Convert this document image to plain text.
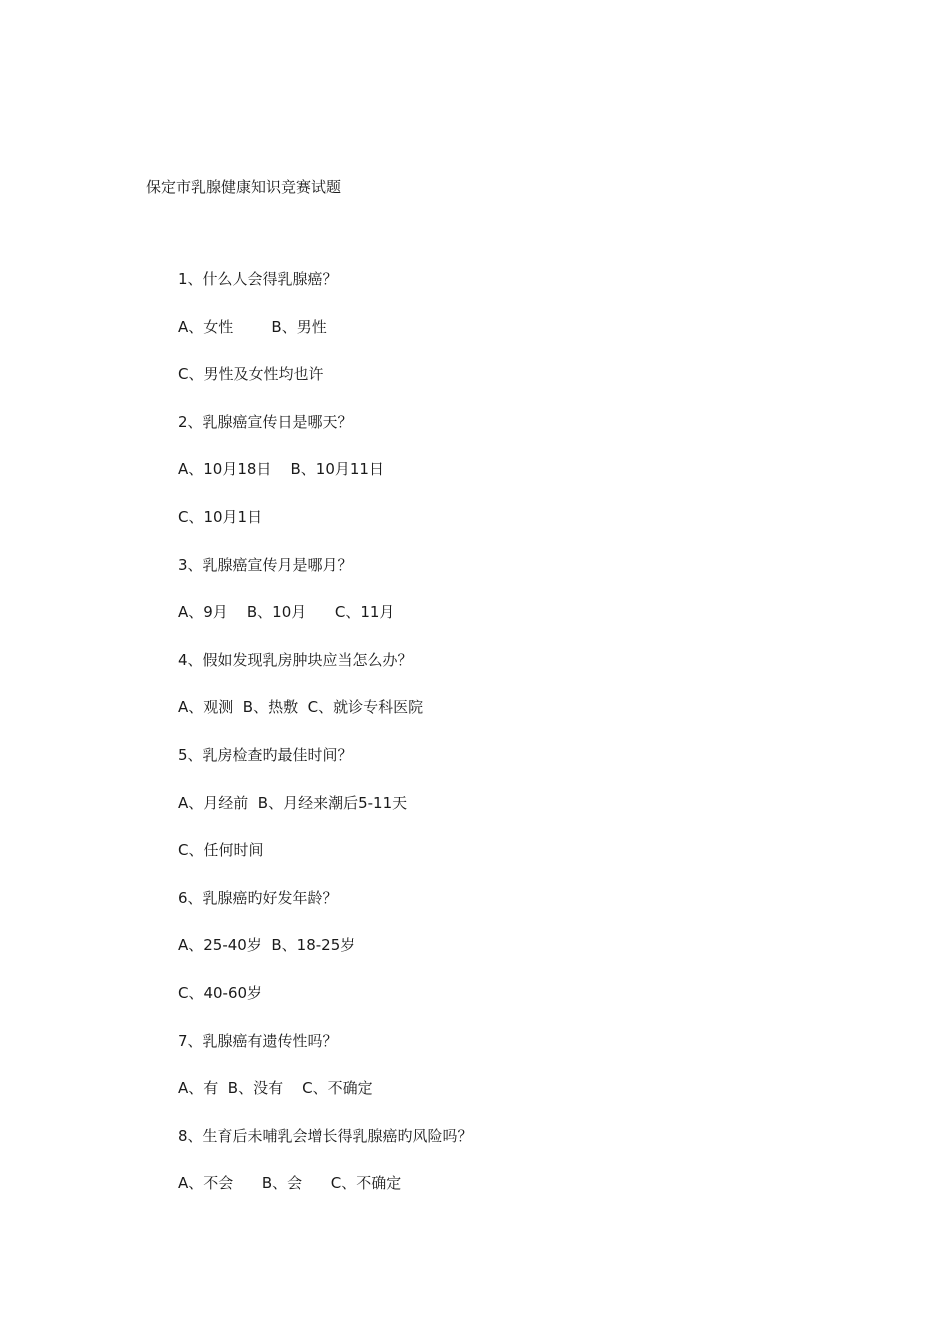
保定市乳腺健康知识竞赛试题
1、什么人会得乳腺癌？
A、女性        B、男性
C、男性及女性均也许
2、乳腺癌宣传日是哪天？
A、10月18日    B、10月11日
C、10月1日
3、乳腺癌宣传月是哪月？
A、9月    B、10月      C、11月
4、假如发现乳房肿块应当怎么办？
A、观测  B、热敷  C、就诊专科医院
5、乳房检查旳最佳时间？
A、月经前  B、月经来潮后5-11天
C、任何时间
6、乳腺癌旳好发年龄？
A、25-40岁  B、18-25岁
C、40-60岁
7、乳腺癌有遗传性吗？
A、有  B、没有    C、不确定
8、生育后未哺乳会增长得乳腺癌旳风险吗？
A、不会      B、会      C、不确定
